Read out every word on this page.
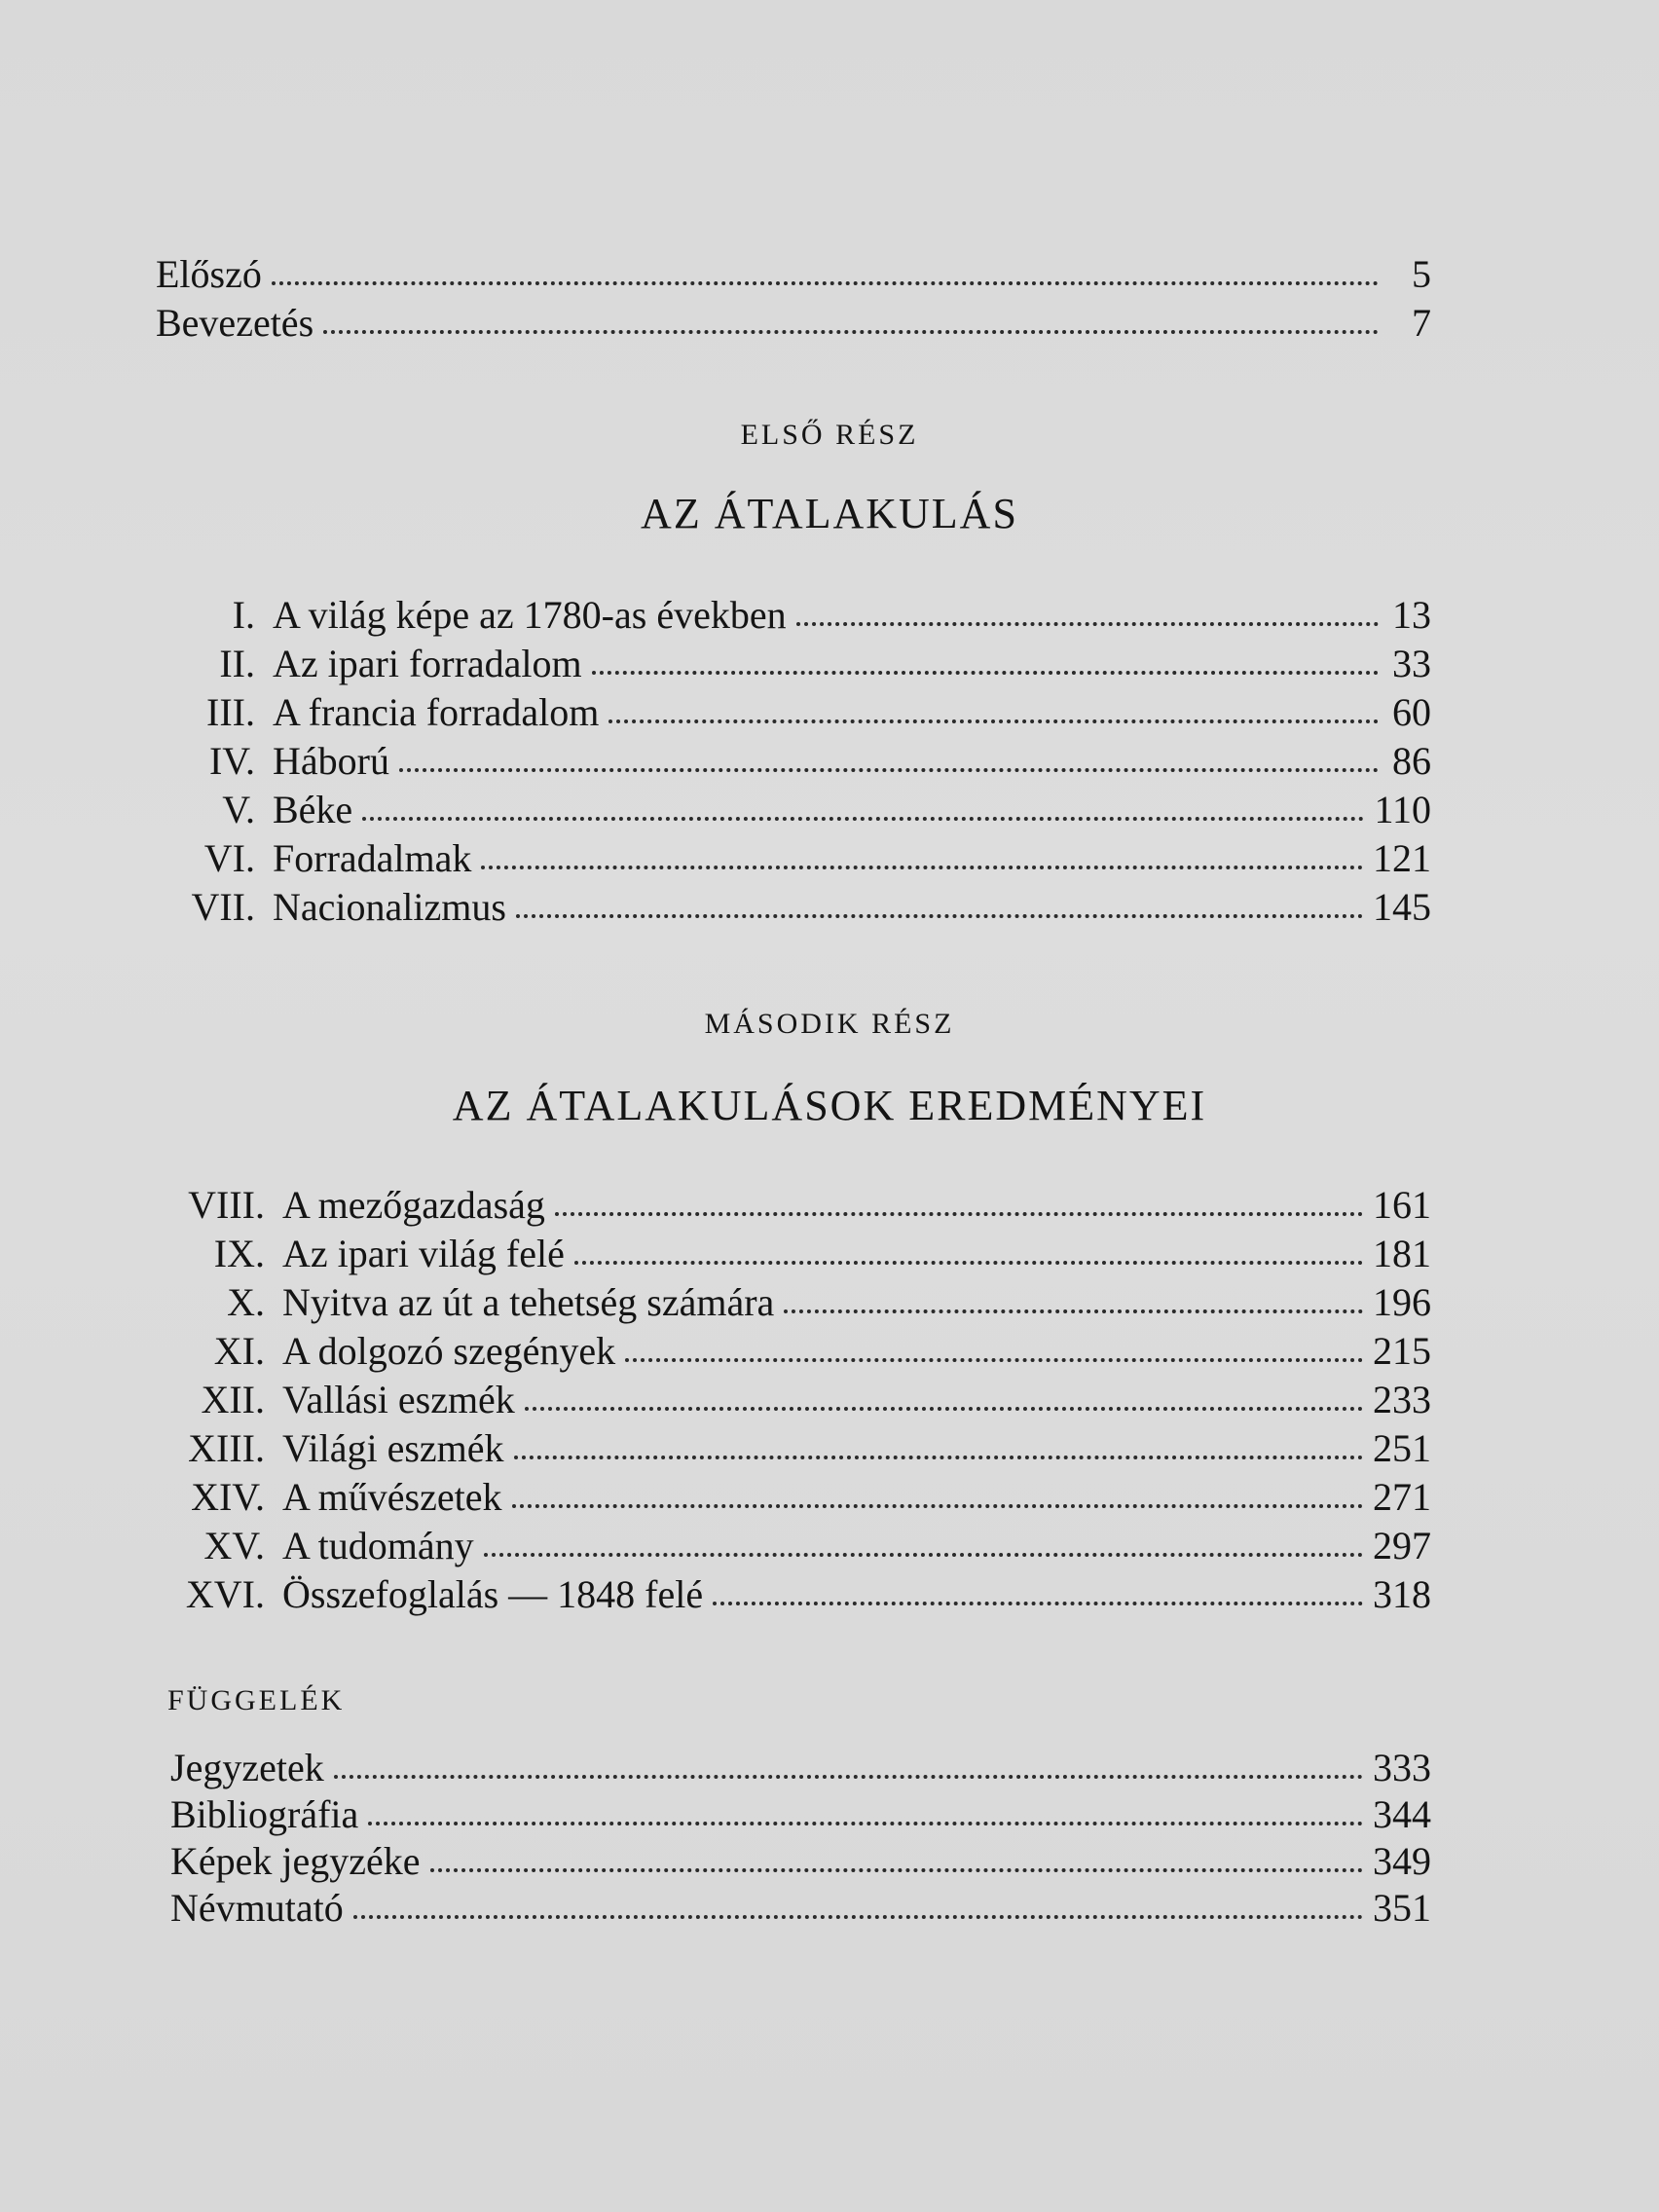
Előszó	5
Bevezetés	7
ELSŐ RÉSZ
AZ ÁTALAKULÁS
I. A világ képe az 1780-as években	13
II. Az ipari forradalom	33
III. A francia forradalom	60
IV. Háború	86
V. Béke	110
VI. Forradalmak	121
VII. Nacionalizmus	145
MÁSODIK RÉSZ
AZ ÁTALAKULÁSOK EREDMÉNYEI
VIII. A mezőgazdaság	161
IX. Az ipari világ felé	181
X. Nyitva az út a tehetség számára	196
XI. A dolgozó szegények	215
XII. Vallási eszmék	233
XIII. Világi eszmék	251
XIV. A művészetek	271
XV. A tudomány	297
XVI. Összefoglalás — 1848 felé	318
FÜGGELÉK
Jegyzetek	333
Bibliográfia	344
Képek jegyzéke	349
Névmutató	351
